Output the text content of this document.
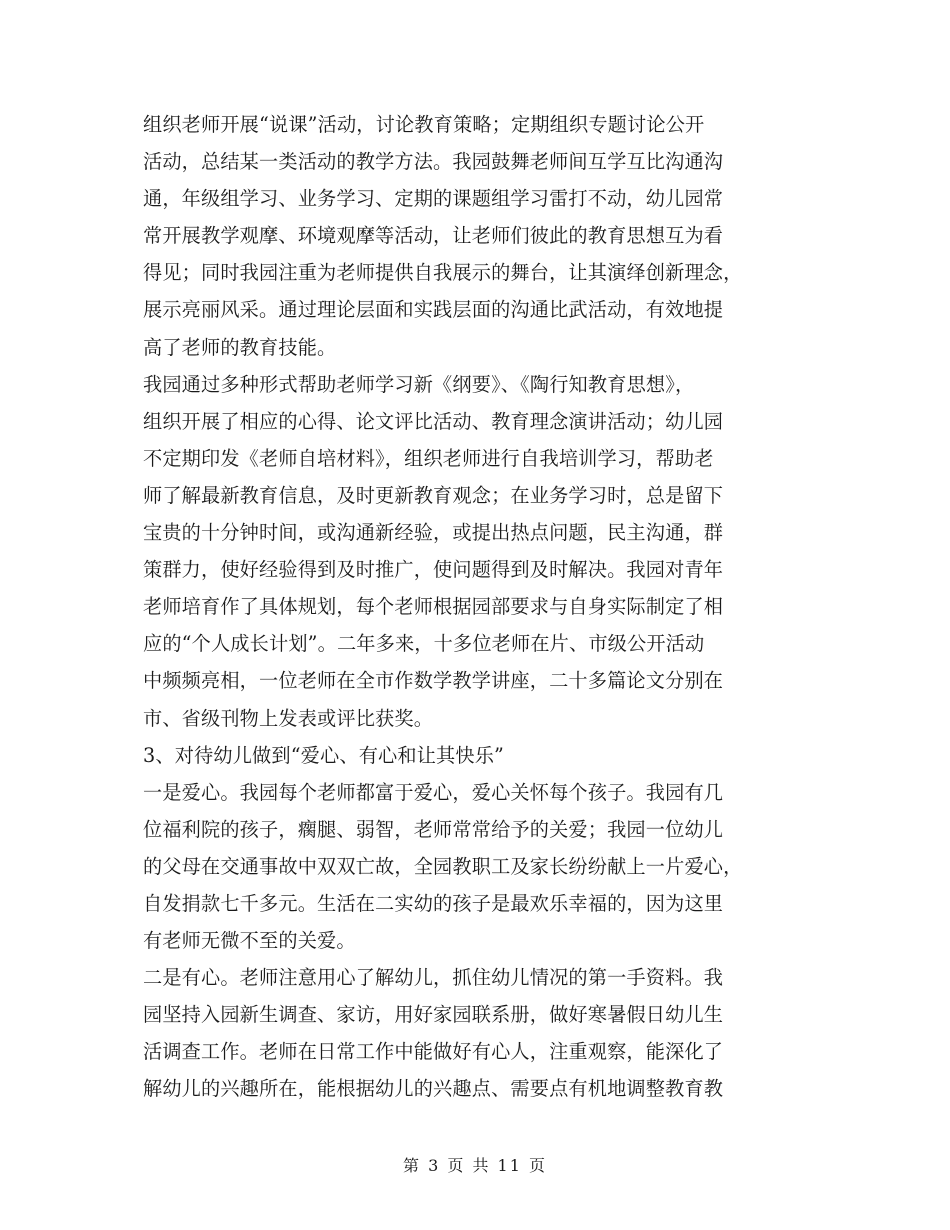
组织老师开展“说课”活动，讨论教育策略；定期组织专题讨论公开
活动，总结某一类活动的教学方法。我园鼓舞老师间互学互比沟通沟
通，年级组学习、业务学习、定期的课题组学习雷打不动，幼儿园常
常开展教学观摩、环境观摩等活动，让老师们彼此的教育思想互为看
得见；同时我园注重为老师提供自我展示的舞台，让其演绎创新理念，
展示亮丽风采。通过理论层面和实践层面的沟通比武活动，有效地提
高了老师的教育技能。
我园通过多种形式帮助老师学习新《纲要》、《陶行知教育思想》，
组织开展了相应的心得、论文评比活动、教育理念演讲活动；幼儿园
不定期印发《老师自培材料》，组织老师进行自我培训学习，帮助老
师了解最新教育信息，及时更新教育观念；在业务学习时，总是留下
宝贵的十分钟时间，或沟通新经验，或提出热点问题，民主沟通，群
策群力，使好经验得到及时推广，使问题得到及时解决。我园对青年
老师培育作了具体规划，每个老师根据园部要求与自身实际制定了相
应的“个人成长计划”。二年多来，十多位老师在片、市级公开活动
中频频亮相，一位老师在全市作数学教学讲座，二十多篇论文分别在
市、省级刊物上发表或评比获奖。
3、对待幼儿做到“爱心、有心和让其快乐”
一是爱心。我园每个老师都富于爱心，爱心关怀每个孩子。我园有几
位福利院的孩子，瘸腿、弱智，老师常常给予的关爱；我园一位幼儿
的父母在交通事故中双双亡故，全园教职工及家长纷纷献上一片爱心，
自发捐款七千多元。生活在二实幼的孩子是最欢乐幸福的，因为这里
有老师无微不至的关爱。
二是有心。老师注意用心了解幼儿，抓住幼儿情况的第一手资料。我
园坚持入园新生调查、家访，用好家园联系册，做好寒暑假日幼儿生
活调查工作。老师在日常工作中能做好有心人，注重观察，能深化了
解幼儿的兴趣所在，能根据幼儿的兴趣点、需要点有机地调整教育教
第 3 页 共 11 页
